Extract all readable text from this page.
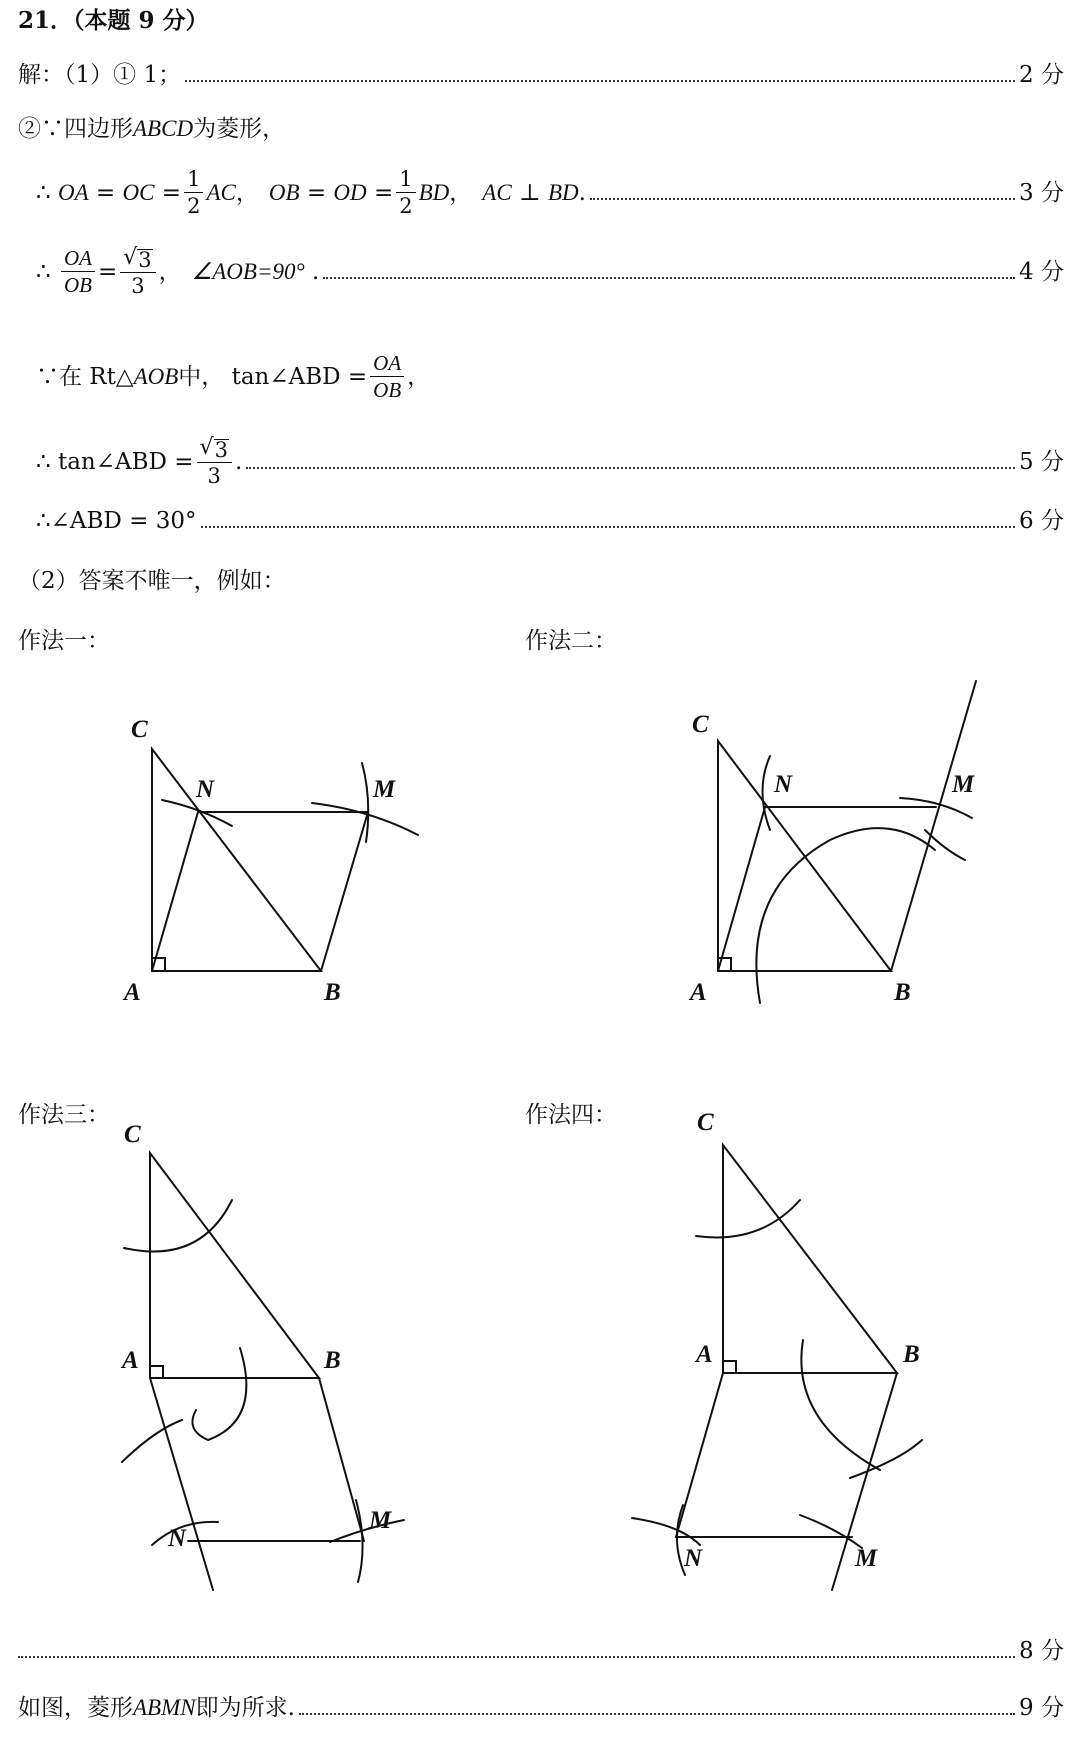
21．（本题 9 分）
解：（1）① 1；	2 分
②∵四边形 ABCD 为菱形，
∴
OA = OC = $\frac{1}{2}$ AC ， OB = OD = $\frac{1}{2}$ BD ， AC ⊥ BD .	3 分
∴
$\frac{OA}{OB} = \frac{√ 3}{3}$ ， ∠AOB=90° .	4 分
∵在 Rt△ AOB 中，
tan∠ABD = $\frac{OA}{OB}$ ，
∴
tan∠ABD = $\frac{√ 3}{3}$ .	5 分
∴∠ABD = 30°	6 分
（2）答案不唯一，例如：
作法一：	作法二：
作法三：	作法四：
C
N	M
A	B
C
N	M
A	B
C
A	B
N
M
C
A	B
N	M
8 分
如图，菱形 ABMN 即为所求.	9 分
